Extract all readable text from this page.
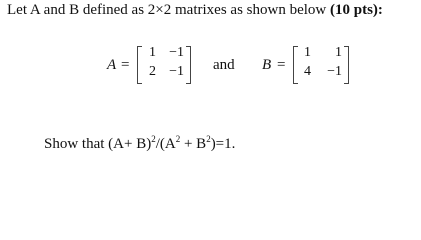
Let A and B defined as 2×2 matrixes as shown below (10 pts):
A =
1 −1
2 −1 and B =
1	1
4	−1
Show that $(A+ B)^2/(A^2 + B^2)=1$.
